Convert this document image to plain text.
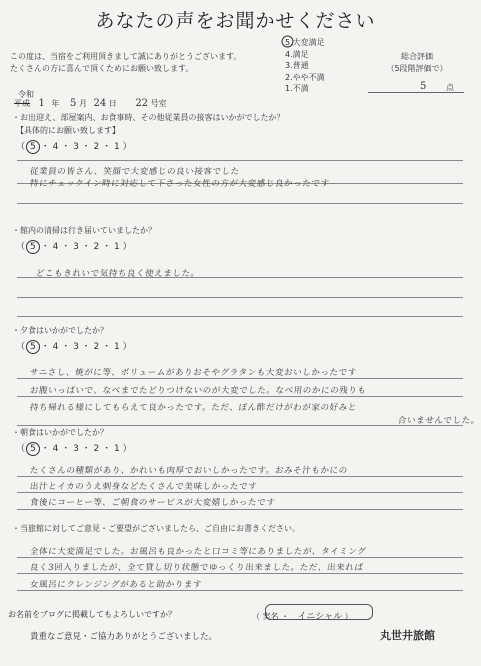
あなたの声をお聞かせください
この度は、当宿をご利用頂きまして誠にありがとうございます。
たくさんの方に喜んで頂くためにお願い致します。
5.大変満足
4.満足
3.普通
2.やや不満
1.不満
総合評価
（5段階評価で）
5 点
令和
平成 1 年 5 月 24 日 22 号室
・お出迎え、部屋案内、お食事時、その他従業員の接客はいかがでしたか？
【具体的にお願い致します】
（ 5 ・ 4 ・ 3 ・ 2 ・ 1 ）
従業員の皆さん、笑顔で大変感じの良い接客でした
特にチェックイン時に対応して下さった女性の方が大変感じ良かったです
・館内の清掃は行き届いていましたか？
（ 5 ・ 4 ・ 3 ・ 2 ・ 1 ）
どこもきれいで気持ち良く使えました。
・夕食はいかがでしたか？
（ 5 ・ 4 ・ 3 ・ 2 ・ 1 ）
サニさし、焼がに等、ボリュームがありおそやグラタンも大変おいしかったです
お腹いっぱいで、なべまでたどりつけないのが大変でした。なべ用のかにの残りも
持ち帰れる様にしてもらえて良かったです。ただ、ぽん酢だけがわが家の好みと
合いませんでした。
・朝食はいかがでしたか？
（ 5 ・ 4 ・ 3 ・ 2 ・ 1 ）
たくさんの種類があり、かれいも肉厚でおいしかったです。おみそ汁もかにの
出汁とイカのうえ刺身などたくさんで美味しかったです
食後にコーヒー等、ご朝食のサービスが大変嬉しかったです
・当旅館に対してご意見・ご要望がございましたら、ご自由にお書きください。
全体に大変満足でした。お風呂も良かったと口コミ等にありましたが、タイミング
良く3回入りましたが、全て貸し切り状態でゆっくり出来ました。ただ、出来れば
女風呂にクレンジングがあると助かります
お名前をブログに掲載してもよろしいですか？	（ 実名 ・ イニシャル ）
貴重なご意見・ご協力ありがとうございました。	丸世井旅館
